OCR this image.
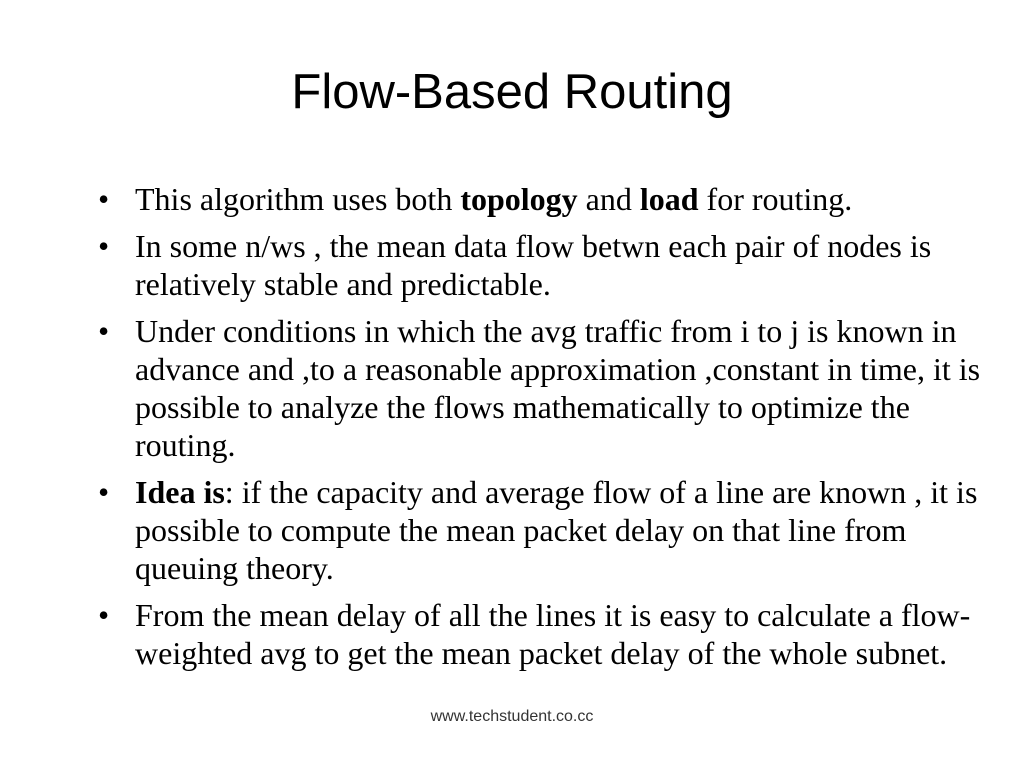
Flow-Based Routing
• This algorithm uses both topology and load for routing.
• In some n/ws , the mean data flow betwn each pair of nodes is relatively stable and predictable.
• Under conditions in which the avg traffic from i to j is known in advance and ,to a reasonable approximation ,constant in time, it is possible to analyze the flows mathematically to optimize the routing.
• Idea is: if the capacity and average flow of a line are known , it is possible to compute the mean packet delay on that line from queuing theory.
• From the mean delay of all the lines it is easy to calculate a flow-weighted avg to get the mean packet delay of the whole subnet.
www.techstudent.co.cc
